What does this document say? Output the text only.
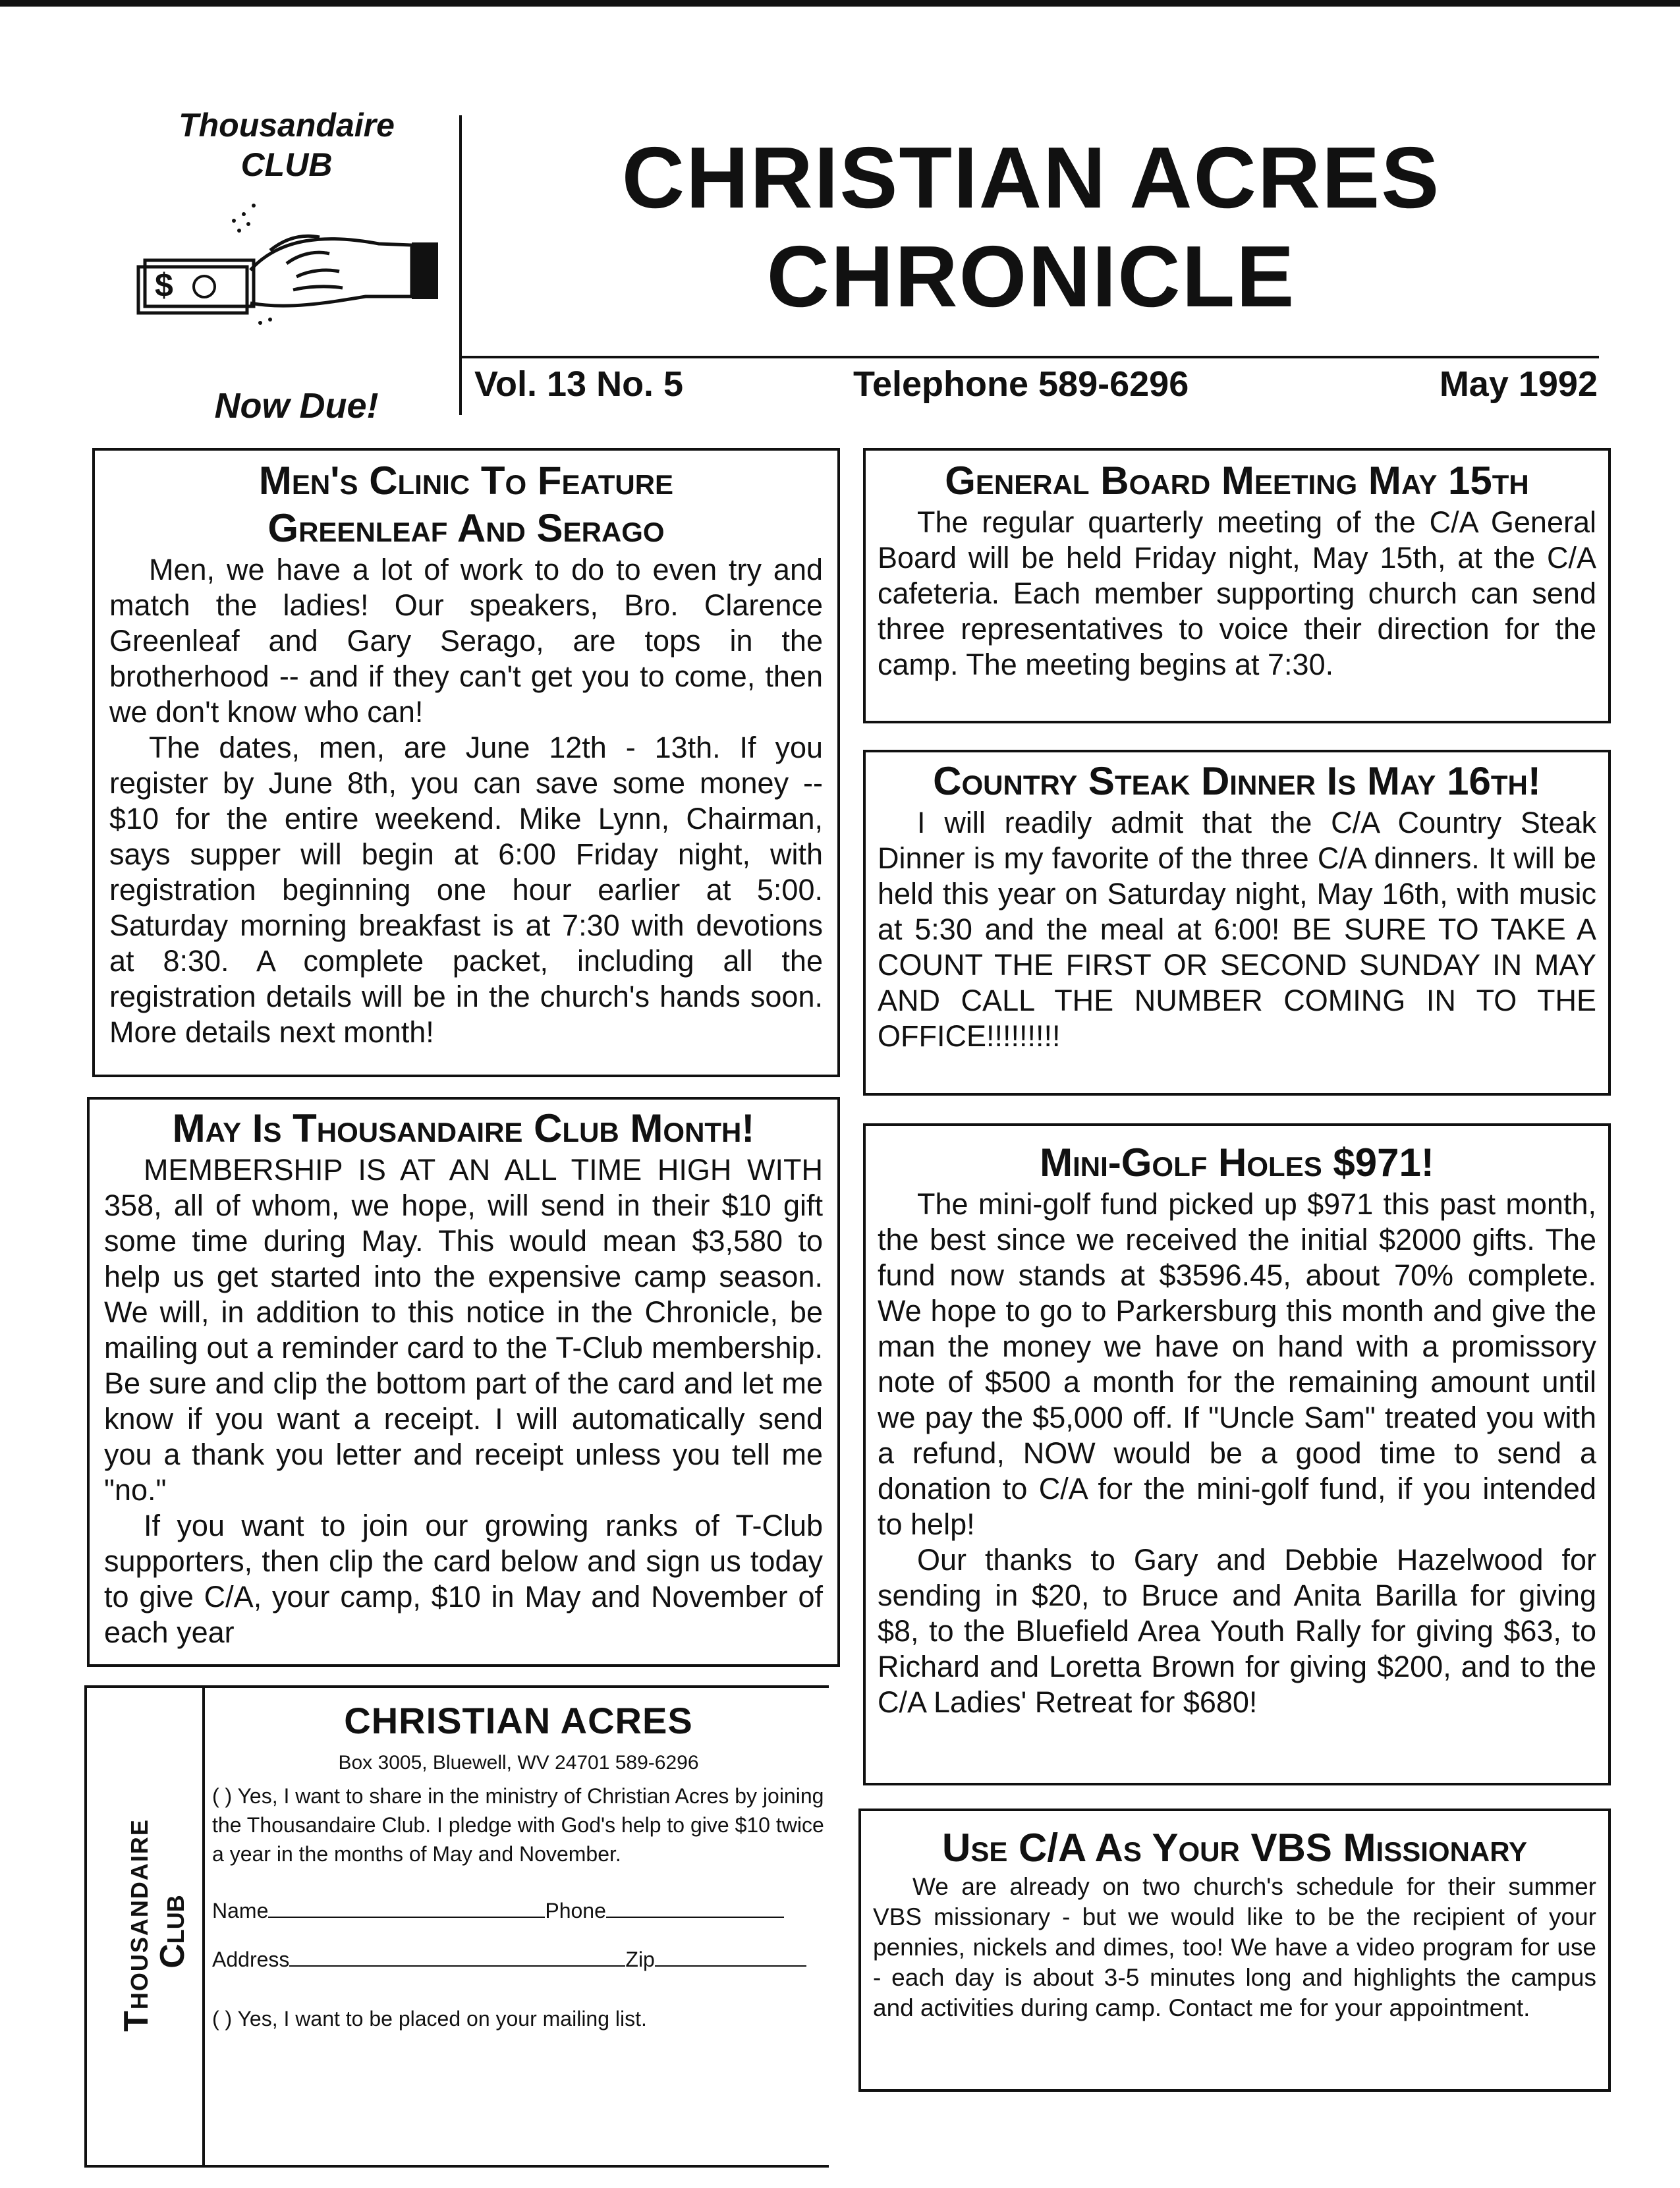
Thousandaire CLUB
$
Now Due!
CHRISTIAN ACRES
CHRONICLE
Vol. 13 No. 5	Telephone 589-6296	May 1992
Men's Clinic To Feature
Greenleaf And Serago

Men, we have a lot of work to do to even try and match the ladies! Our speakers, Bro. Clarence Greenleaf and Gary Serago, are tops in the brotherhood -- and if they can't get you to come, then we don't know who can!

The dates, men, are June 12th - 13th. If you register by June 8th, you can save some money -- $10 for the entire weekend. Mike Lynn, Chairman, says supper will begin at 6:00 Friday night, with registration beginning one hour earlier at 5:00. Saturday morning breakfast is at 7:30 with devotions at 8:30. A complete packet, including all the registration details will be in the church's hands soon. More details next month!

May Is Thousandaire Club Month!

MEMBERSHIP IS AT AN ALL TIME HIGH WITH 358, all of whom, we hope, will send in their $10 gift some time during May. This would mean $3,580 to help us get started into the expensive camp season. We will, in addition to this notice in the Chronicle, be mailing out a reminder card to the T-Club membership. Be sure and clip the bottom part of the card and let me know if you want a receipt. I will automatically send you a thank you letter and receipt unless you tell me "no."

If you want to join our growing ranks of T-Club supporters, then clip the card below and sign us today to give C/A, your camp, $10 in May and November of each year

Thousandaire
Club
CHRISTIAN ACRES
Box 3005, Bluewell, WV 24701 589-6296
( ) Yes, I want to share in the ministry of Christian Acres by joining the Thousandaire Club. I pledge with God's help to give $10 twice a year in the months of May and November.
Name	Phone
Address	Zip
( ) Yes, I want to be placed on your mailing list.
General Board Meeting May 15th

The regular quarterly meeting of the C/A General Board will be held Friday night, May 15th, at the C/A cafeteria. Each member supporting church can send three representatives to voice their direction for the camp. The meeting begins at 7:30.

Country Steak Dinner Is May 16th!

I will readily admit that the C/A Country Steak Dinner is my favorite of the three C/A dinners. It will be held this year on Saturday night, May 16th, with music at 5:30 and the meal at 6:00! BE SURE TO TAKE A COUNT THE FIRST OR SECOND SUNDAY IN MAY AND CALL THE NUMBER COMING IN TO THE OFFICE!!!!!!!!!

Mini-Golf Holes $971!

The mini-golf fund picked up $971 this past month, the best since we received the initial $2000 gifts. The fund now stands at $3596.45, about 70% complete. We hope to go to Parkersburg this month and give the man the money we have on hand with a promissory note of $500 a month for the remaining amount until we pay the $5,000 off. If "Uncle Sam" treated you with a refund, NOW would be a good time to send a donation to C/A for the mini-golf fund, if you intended to help!

Our thanks to Gary and Debbie Hazelwood for sending in $20, to Bruce and Anita Barilla for giving $8, to the Bluefield Area Youth Rally for giving $63, to Richard and Loretta Brown for giving $200, and to the C/A Ladies' Retreat for $680!

Use C/A As Your VBS Missionary

We are already on two church's schedule for their summer VBS missionary - but we would like to be the recipient of your pennies, nickels and dimes, too! We have a video program for use - each day is about 3-5 minutes long and highlights the campus and activities during camp. Contact me for your appointment.
